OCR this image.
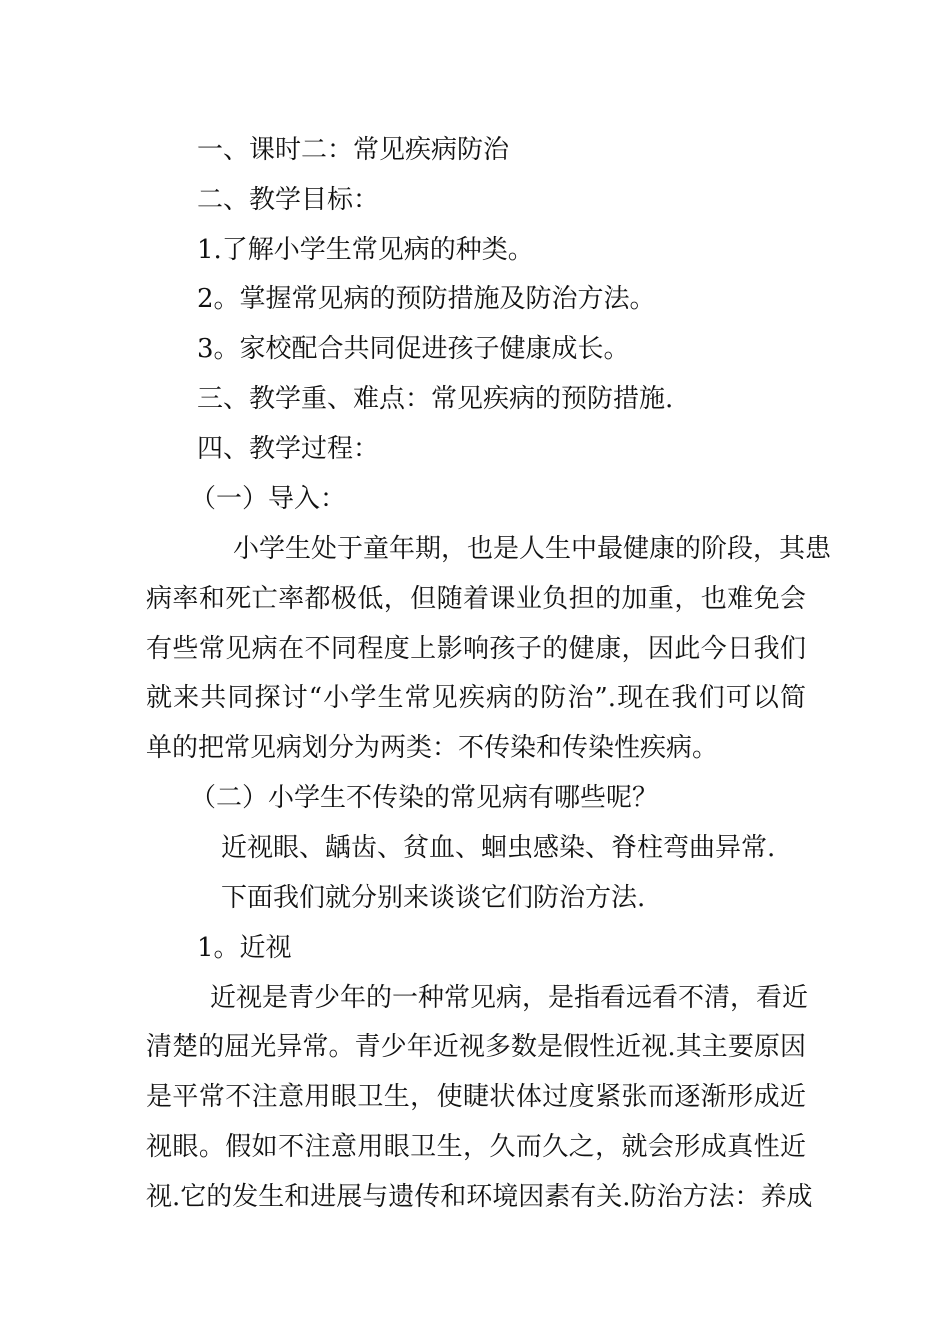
一、课时二：常见疾病防治
二、教学目标：
1.了解小学生常见病的种类。
2。掌握常见病的预防措施及防治方法。
3。家校配合共同促进孩子健康成长。
三、教学重、难点：常见疾病的预防措施.
四、教学过程：
（一）导入：
小学生处于童年期，也是人生中最健康的阶段，其患
病率和死亡率都极低，但随着课业负担的加重，也难免会
有些常见病在不同程度上影响孩子的健康，因此今日我们
就来共同探讨“小学生常见疾病的防治”.现在我们可以简
单的把常见病划分为两类：不传染和传染性疾病。
（二）小学生不传染的常见病有哪些呢？
近视眼、龋齿、贫血、蛔虫感染、脊柱弯曲异常.
下面我们就分别来谈谈它们防治方法.
1。近视
近视是青少年的一种常见病，是指看远看不清，看近
清楚的屈光异常。青少年近视多数是假性近视.其主要原因
是平常不注意用眼卫生，使睫状体过度紧张而逐渐形成近
视眼。假如不注意用眼卫生，久而久之，就会形成真性近
视.它的发生和进展与遗传和环境因素有关.防治方法：养成
